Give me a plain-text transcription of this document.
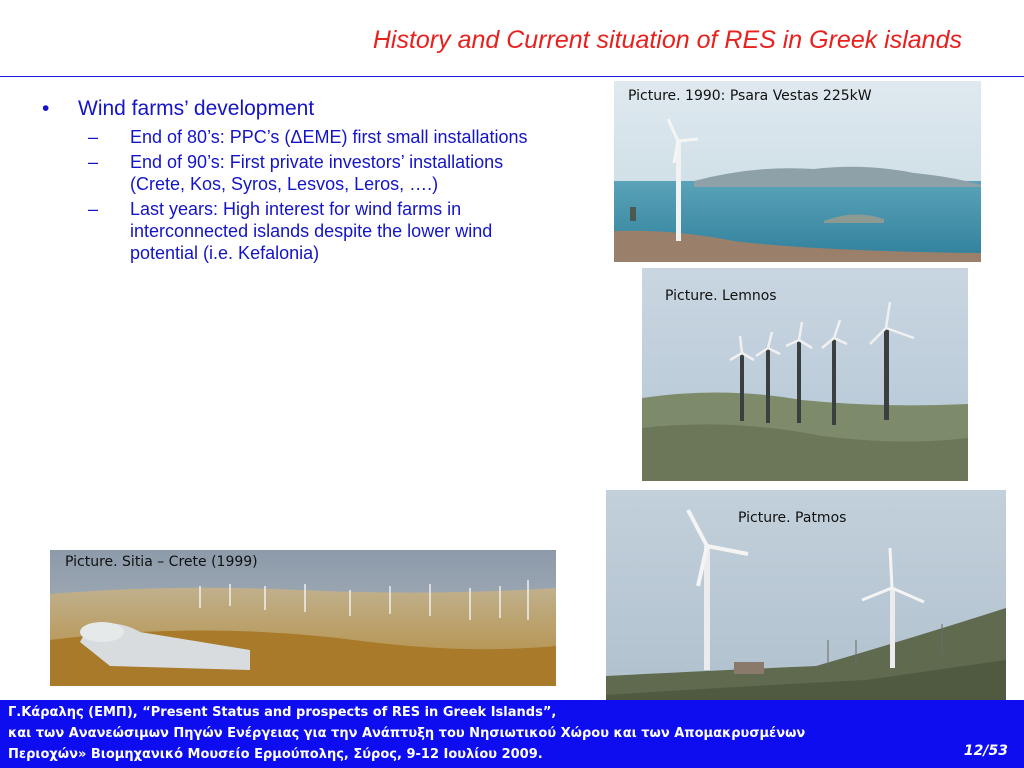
History and Current situation of RES in Greek islands
•	Wind farms’ development
–	End of 80’s: PPC’s (ΔΕΜΕ) first small installations
–	End of 90’s: First private investors’ installations (Crete, Kos, Syros, Lesvos, Leros, ….)
–	Last years: High interest for wind farms in interconnected islands despite the lower wind potential (i.e. Kefalonia)
Picture. 1990: Psara Vestas 225kW
Picture. Lemnos
Picture. Patmos
Picture. Sitia – Crete (1999)
Γ.Κάραλης (ΕΜΠ), “Present Status and prospects of RES in Greek Islands”,
και των Ανανεώσιμων Πηγών Ενέργειας για την Ανάπτυξη του Νησιωτικού Χώρου και των Απομακρυσμένων
Περιοχών» Βιομηχανικό Μουσείο Ερμούπολης, Σύρος, 9-12 Ιουλίου 2009.	12/53
